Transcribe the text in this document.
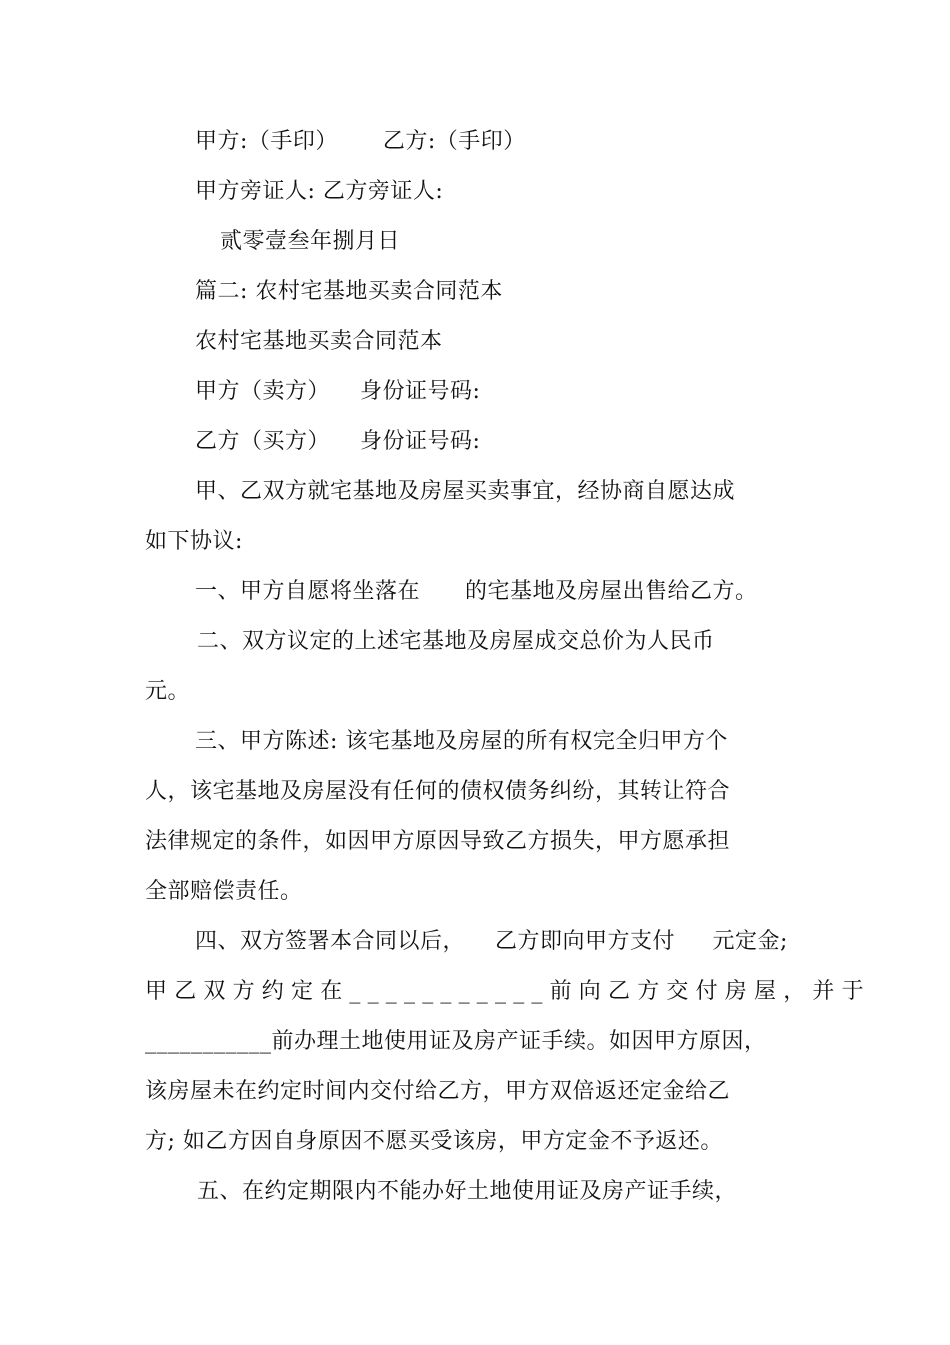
甲方:（手印）      乙方:（手印）
甲方旁证人: 乙方旁证人:
贰零壹叁年捌月日
篇二: 农村宅基地买卖合同范本
农村宅基地买卖合同范本
甲方（卖方）    身份证号码:
乙方（买方）    身份证号码:
甲、乙双方就宅基地及房屋买卖事宜，经协商自愿达成
如下协议:
一、甲方自愿将坐落在      的宅基地及房屋出售给乙方。
二、双方议定的上述宅基地及房屋成交总价为人民币
元。
三、甲方陈述: 该宅基地及房屋的所有权完全归甲方个
人，该宅基地及房屋没有任何的债权债务纠纷，其转让符合
法律规定的条件，如因甲方原因导致乙方损失，甲方愿承担
全部赔偿责任。
四、双方签署本合同以后，    乙方即向甲方支付     元定金;
甲乙双方约定在___________前向乙方交付房屋，并于
___________前办理土地使用证及房产证手续。如因甲方原因，
该房屋未在约定时间内交付给乙方，甲方双倍返还定金给乙
方; 如乙方因自身原因不愿买受该房，甲方定金不予返还。
五、在约定期限内不能办好土地使用证及房产证手续，
